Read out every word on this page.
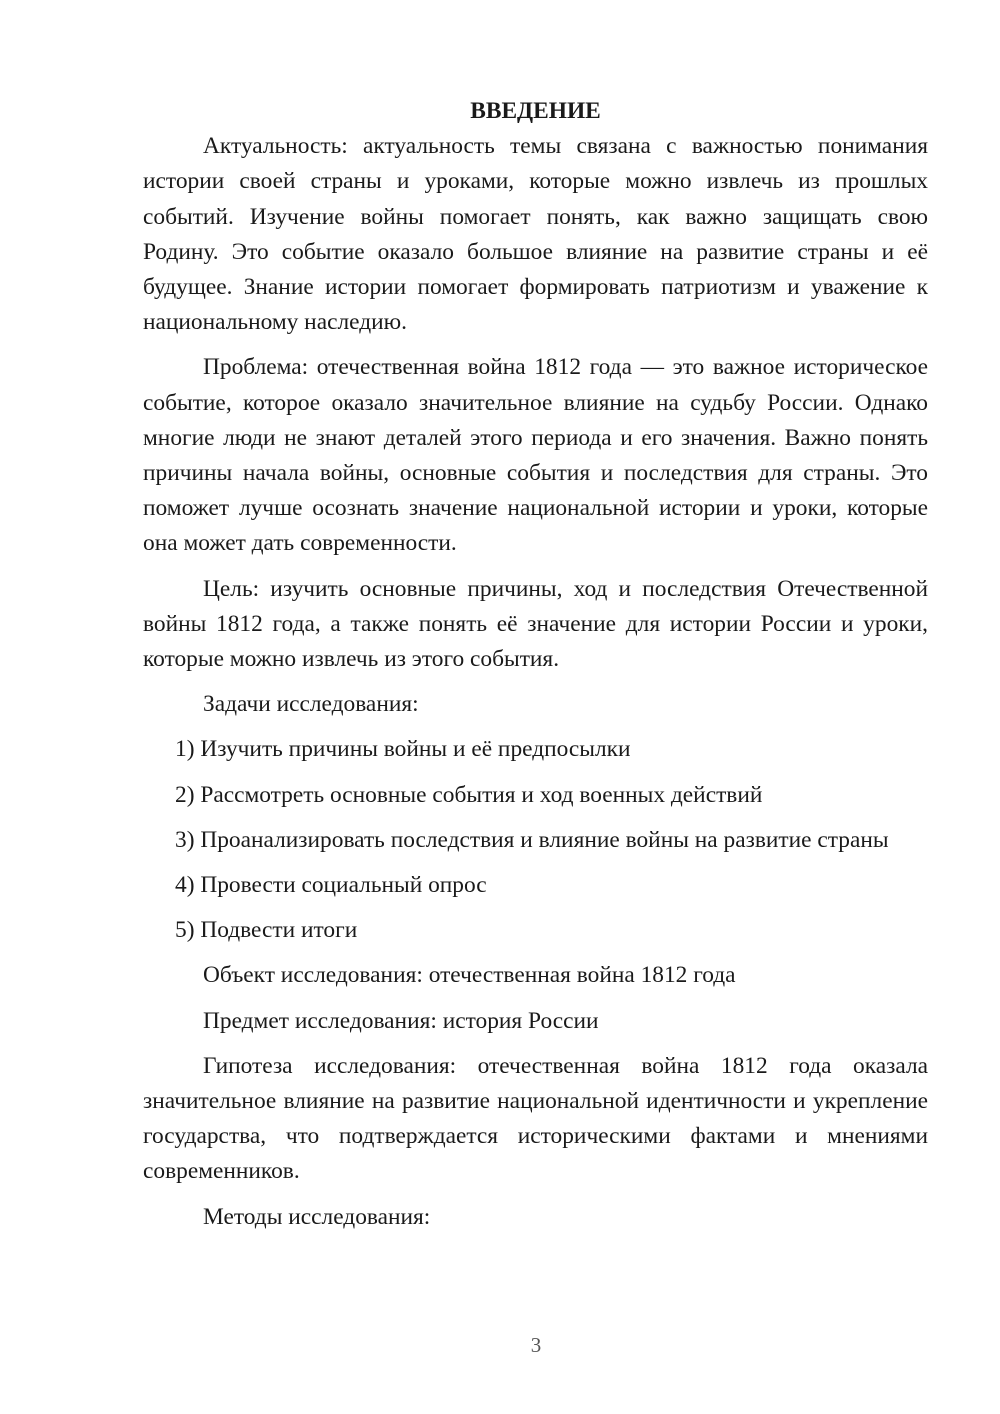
ВВЕДЕНИЕ

Актуальность: актуальность темы связана с важностью понимания истории своей страны и уроками, которые можно извлечь из прошлых событий. Изучение войны помогает понять, как важно защищать свою Родину. Это событие оказало большое влияние на развитие страны и её будущее. Знание истории помогает формировать патриотизм и уважение к национальному наследию.

Проблема: отечественная война 1812 года — это важное историческое событие, которое оказало значительное влияние на судьбу России. Однако многие люди не знают деталей этого периода и его значения. Важно понять причины начала войны, основные события и последствия для страны. Это поможет лучше осознать значение национальной истории и уроки, которые она может дать современности.

Цель: изучить основные причины, ход и последствия Отечественной войны 1812 года, а также понять её значение для истории России и уроки, которые можно извлечь из этого события.

Задачи исследования:

1) Изучить причины войны и её предпосылки

2) Рассмотреть основные события и ход военных действий

3) Проанализировать последствия и влияние войны на развитие страны

4) Провести социальный опрос

5) Подвести итоги

Объект исследования: отечественная война 1812 года

Предмет исследования: история России

Гипотеза исследования: отечественная война 1812 года оказала значительное влияние на развитие национальной идентичности и укрепление государства, что подтверждается историческими фактами и мнениями современников.

Методы исследования:

3
